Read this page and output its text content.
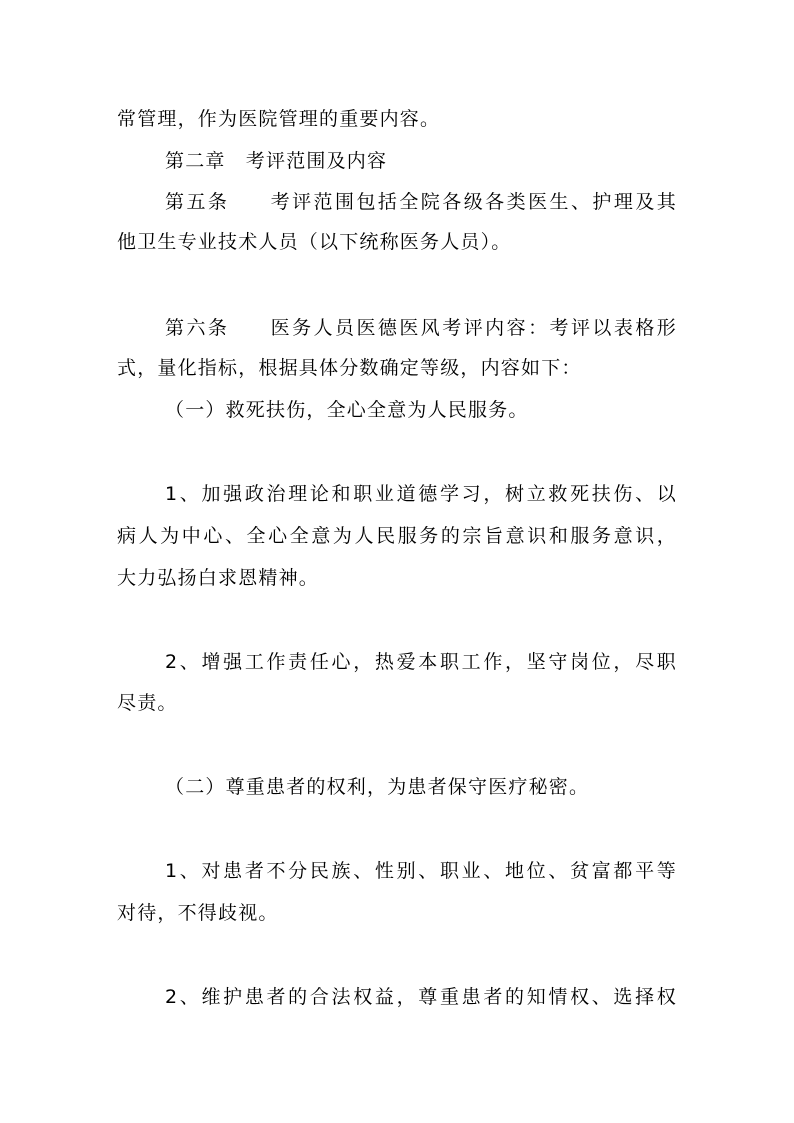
常管理，作为医院管理的重要内容。
第二章　考评范围及内容
第五条 考评范围包括全院各级各类医生、护理及其
他卫生专业技术人员（以下统称医务人员）。
第六条 医务人员医德医风考评内容：考评以表格形
式，量化指标，根据具体分数确定等级，内容如下：
（一）救死扶伤，全心全意为人民服务。
1、加强政治理论和职业道德学习，树立救死扶伤、以
病人为中心、全心全意为人民服务的宗旨意识和服务意识，
大力弘扬白求恩精神。
2、增强工作责任心，热爱本职工作，坚守岗位，尽职
尽责。
（二）尊重患者的权利，为患者保守医疗秘密。
1、对患者不分民族、性别、职业、地位、贫富都平等
对待，不得歧视。
2、维护患者的合法权益，尊重患者的知情权、选择权
